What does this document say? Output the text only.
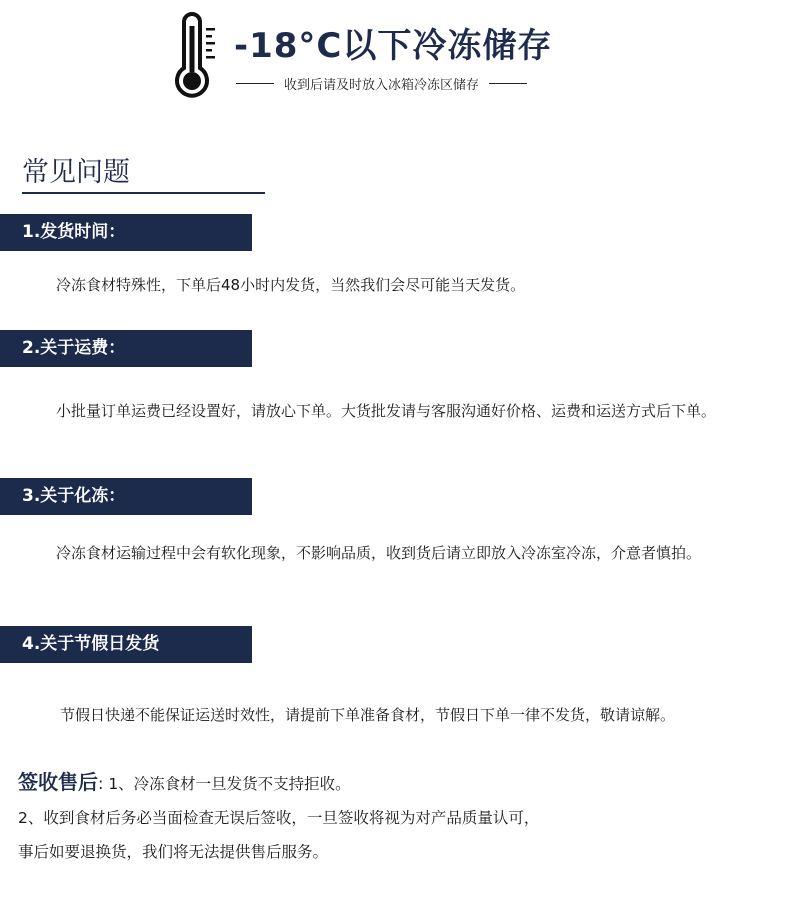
-18°C以下冷冻储存
收到后请及时放入冰箱冷冻区储存
常见问题
1.发货时间：

冷冻食材特殊性，下单后48小时内发货，当然我们会尽可能当天发货。

2.关于运费：

小批量订单运费已经设置好，请放心下单。大货批发请与客服沟通好价格、运费和运送方式后下单。

3.关于化冻：

冷冻食材运输过程中会有软化现象，不影响品质，收到货后请立即放入冷冻室冷冻，介意者慎拍。

4.关于节假日发货

节假日快递不能保证运送时效性，请提前下单准备食材，节假日下单一律不发货，敬请谅解。

签收售后: 1、冷冻食材一旦发货不支持拒收。

2、收到食材后务必当面检查无误后签收，一旦签收将视为对产品质量认可，

事后如要退换货，我们将无法提供售后服务。
